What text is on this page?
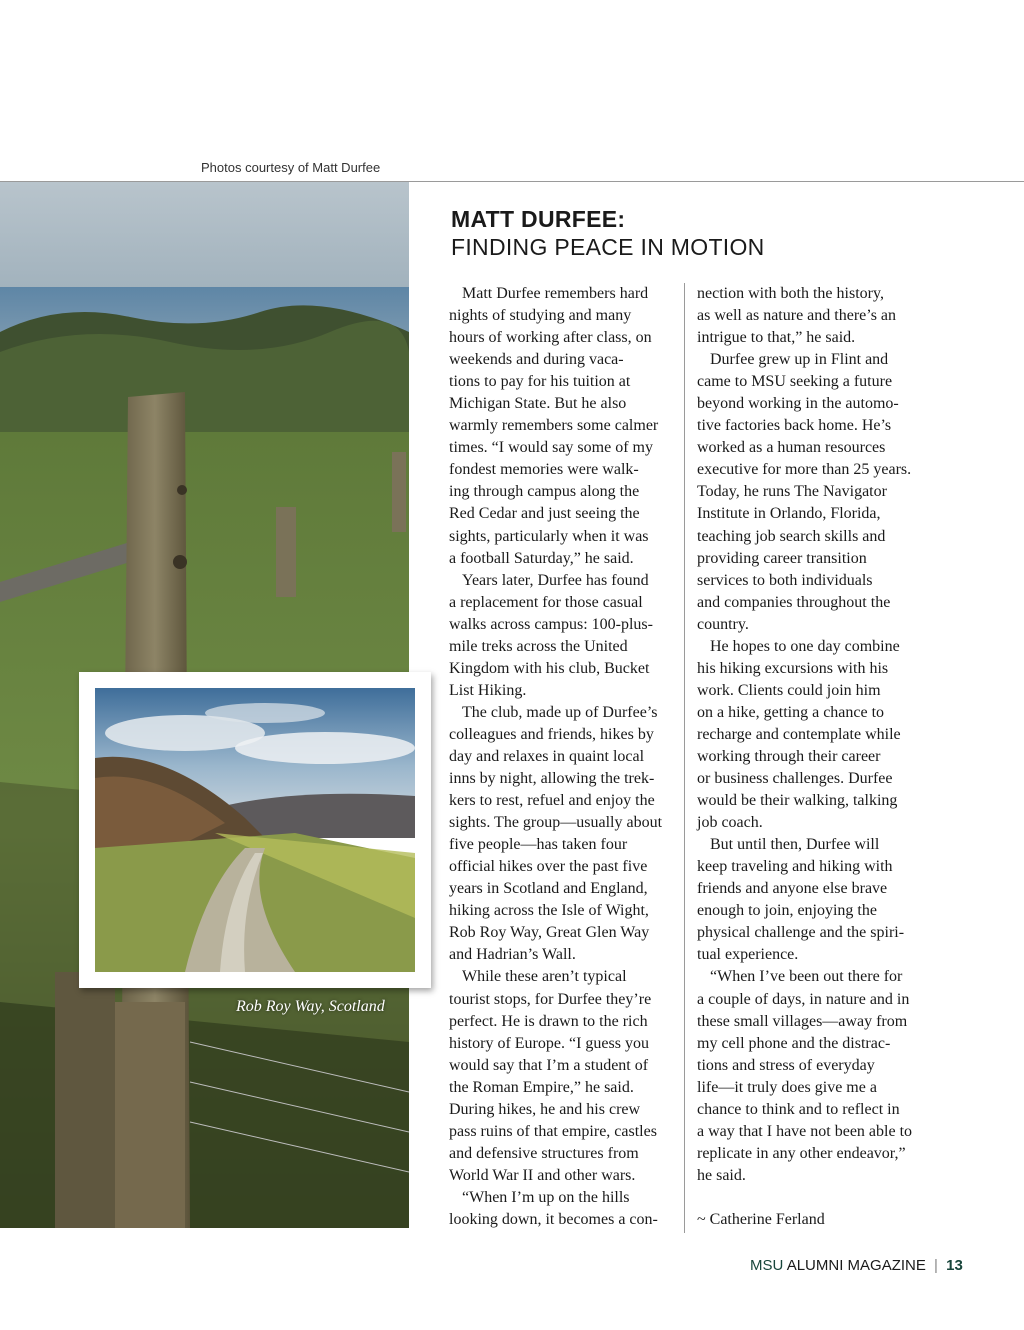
Photos courtesy of Matt Durfee
Rob Roy Way, Scotland
MATT DURFEE:
FINDING PEACE IN MOTION
Matt Durfee remembers hard
nights of studying and many
hours of working after class, on
weekends and during vaca-
tions to pay for his tuition at
Michigan State. But he also
warmly remembers some calmer
times. “I would say some of my
fondest memories were walk-
ing through campus along the
Red Cedar and just seeing the
sights, particularly when it was
a football Saturday,” he said.
Years later, Durfee has found
a replacement for those casual
walks across campus: 100-plus-
mile treks across the United
Kingdom with his club, Bucket
List Hiking.
The club, made up of Durfee’s
colleagues and friends, hikes by
day and relaxes in quaint local
inns by night, allowing the trek-
kers to rest, refuel and enjoy the
sights. The group—usually about
five people—has taken four
official hikes over the past five
years in Scotland and England,
hiking across the Isle of Wight,
Rob Roy Way, Great Glen Way
and Hadrian’s Wall.
While these aren’t typical
tourist stops, for Durfee they’re
perfect. He is drawn to the rich
history of Europe. “I guess you
would say that I’m a student of
the Roman Empire,” he said.
During hikes, he and his crew
pass ruins of that empire, castles
and defensive structures from
World War II and other wars.
“When I’m up on the hills
looking down, it becomes a con-
nection with both the history,
as well as nature and there’s an
intrigue to that,” he said.
Durfee grew up in Flint and
came to MSU seeking a future
beyond working in the automo-
tive factories back home. He’s
worked as a human resources
executive for more than 25 years.
Today, he runs The Navigator
Institute in Orlando, Florida,
teaching job search skills and
providing career transition
services to both individuals
and companies throughout the
country.
He hopes to one day combine
his hiking excursions with his
work. Clients could join him
on a hike, getting a chance to
recharge and contemplate while
working through their career
or business challenges. Durfee
would be their walking, talking
job coach.
But until then, Durfee will
keep traveling and hiking with
friends and anyone else brave
enough to join, enjoying the
physical challenge and the spiri-
tual experience.
“When I’ve been out there for
a couple of days, in nature and in
these small villages—away from
my cell phone and the distrac-
tions and stress of everyday
life—it truly does give me a
chance to think and to reflect in
a way that I have not been able to
replicate in any other endeavor,”
he said.
~ Catherine Ferland
MSU ALUMNI MAGAZINE | 13
